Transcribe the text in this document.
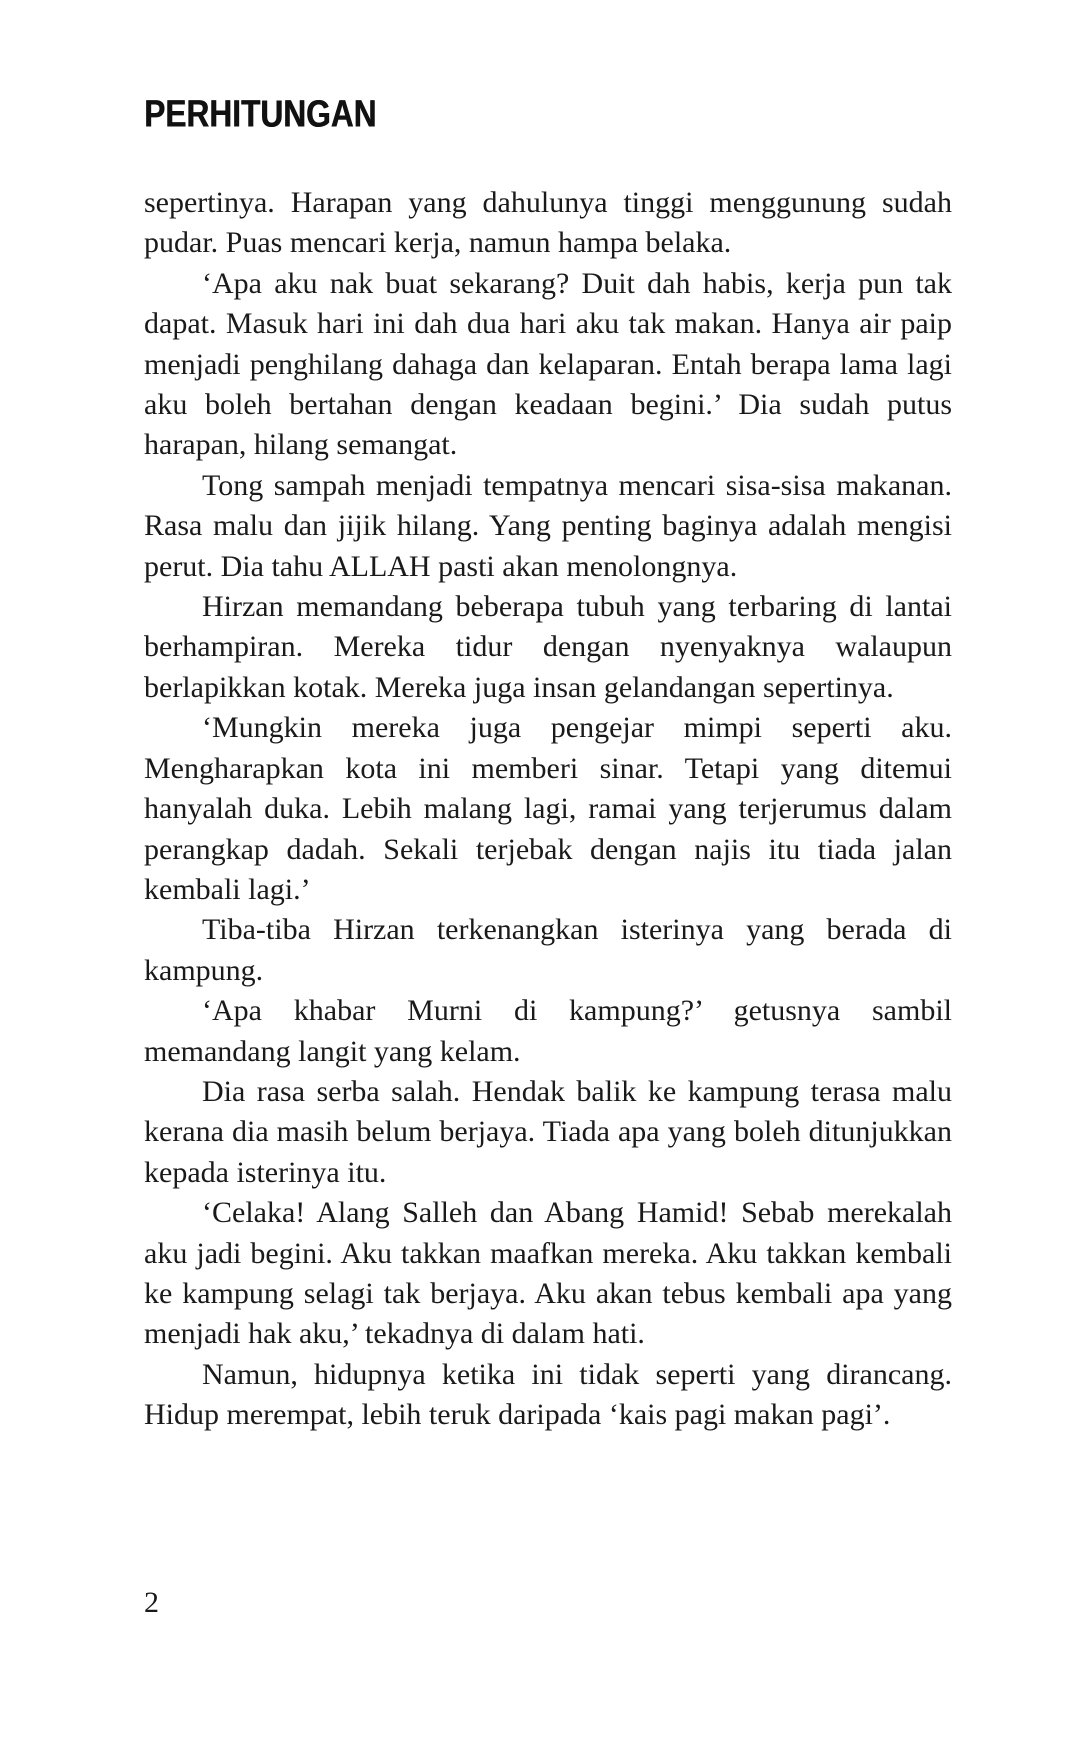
PERHITUNGAN

sepertinya. Harapan yang dahulunya tinggi menggunung sudah pudar. Puas mencari kerja, namun hampa belaka.

‘Apa aku nak buat sekarang? Duit dah habis, kerja pun tak dapat. Masuk hari ini dah dua hari aku tak makan. Hanya air paip menjadi penghilang dahaga dan kelaparan. Entah berapa lama lagi aku boleh bertahan dengan keadaan begini.’ Dia sudah putus harapan, hilang semangat.

Tong sampah menjadi tempatnya mencari sisa-sisa makanan. Rasa malu dan jijik hilang. Yang penting baginya adalah mengisi perut. Dia tahu ALLAH pasti akan menolongnya.

Hirzan memandang beberapa tubuh yang terbaring di lantai berhampiran. Mereka tidur dengan nyenyaknya walaupun berlapikkan kotak. Mereka juga insan gelandangan sepertinya.

‘Mungkin mereka juga pengejar mimpi seperti aku. Mengharapkan kota ini memberi sinar. Tetapi yang ditemui hanyalah duka. Lebih malang lagi, ramai yang terjerumus dalam perangkap dadah. Sekali terjebak dengan najis itu tiada jalan kembali lagi.’

Tiba-tiba Hirzan terkenangkan isterinya yang berada di kampung.

‘Apa khabar Murni di kampung?’ getusnya sambil memandang langit yang kelam.

Dia rasa serba salah. Hendak balik ke kampung terasa malu kerana dia masih belum berjaya. Tiada apa yang boleh ditunjukkan kepada isterinya itu.

‘Celaka! Alang Salleh dan Abang Hamid! Sebab merekalah aku jadi begini. Aku takkan maafkan mereka. Aku takkan kembali ke kampung selagi tak berjaya. Aku akan tebus kembali apa yang menjadi hak aku,’ tekadnya di dalam hati.

Namun, hidupnya ketika ini tidak seperti yang dirancang. Hidup merempat, lebih teruk daripada ‘kais pagi makan pagi’.

2
